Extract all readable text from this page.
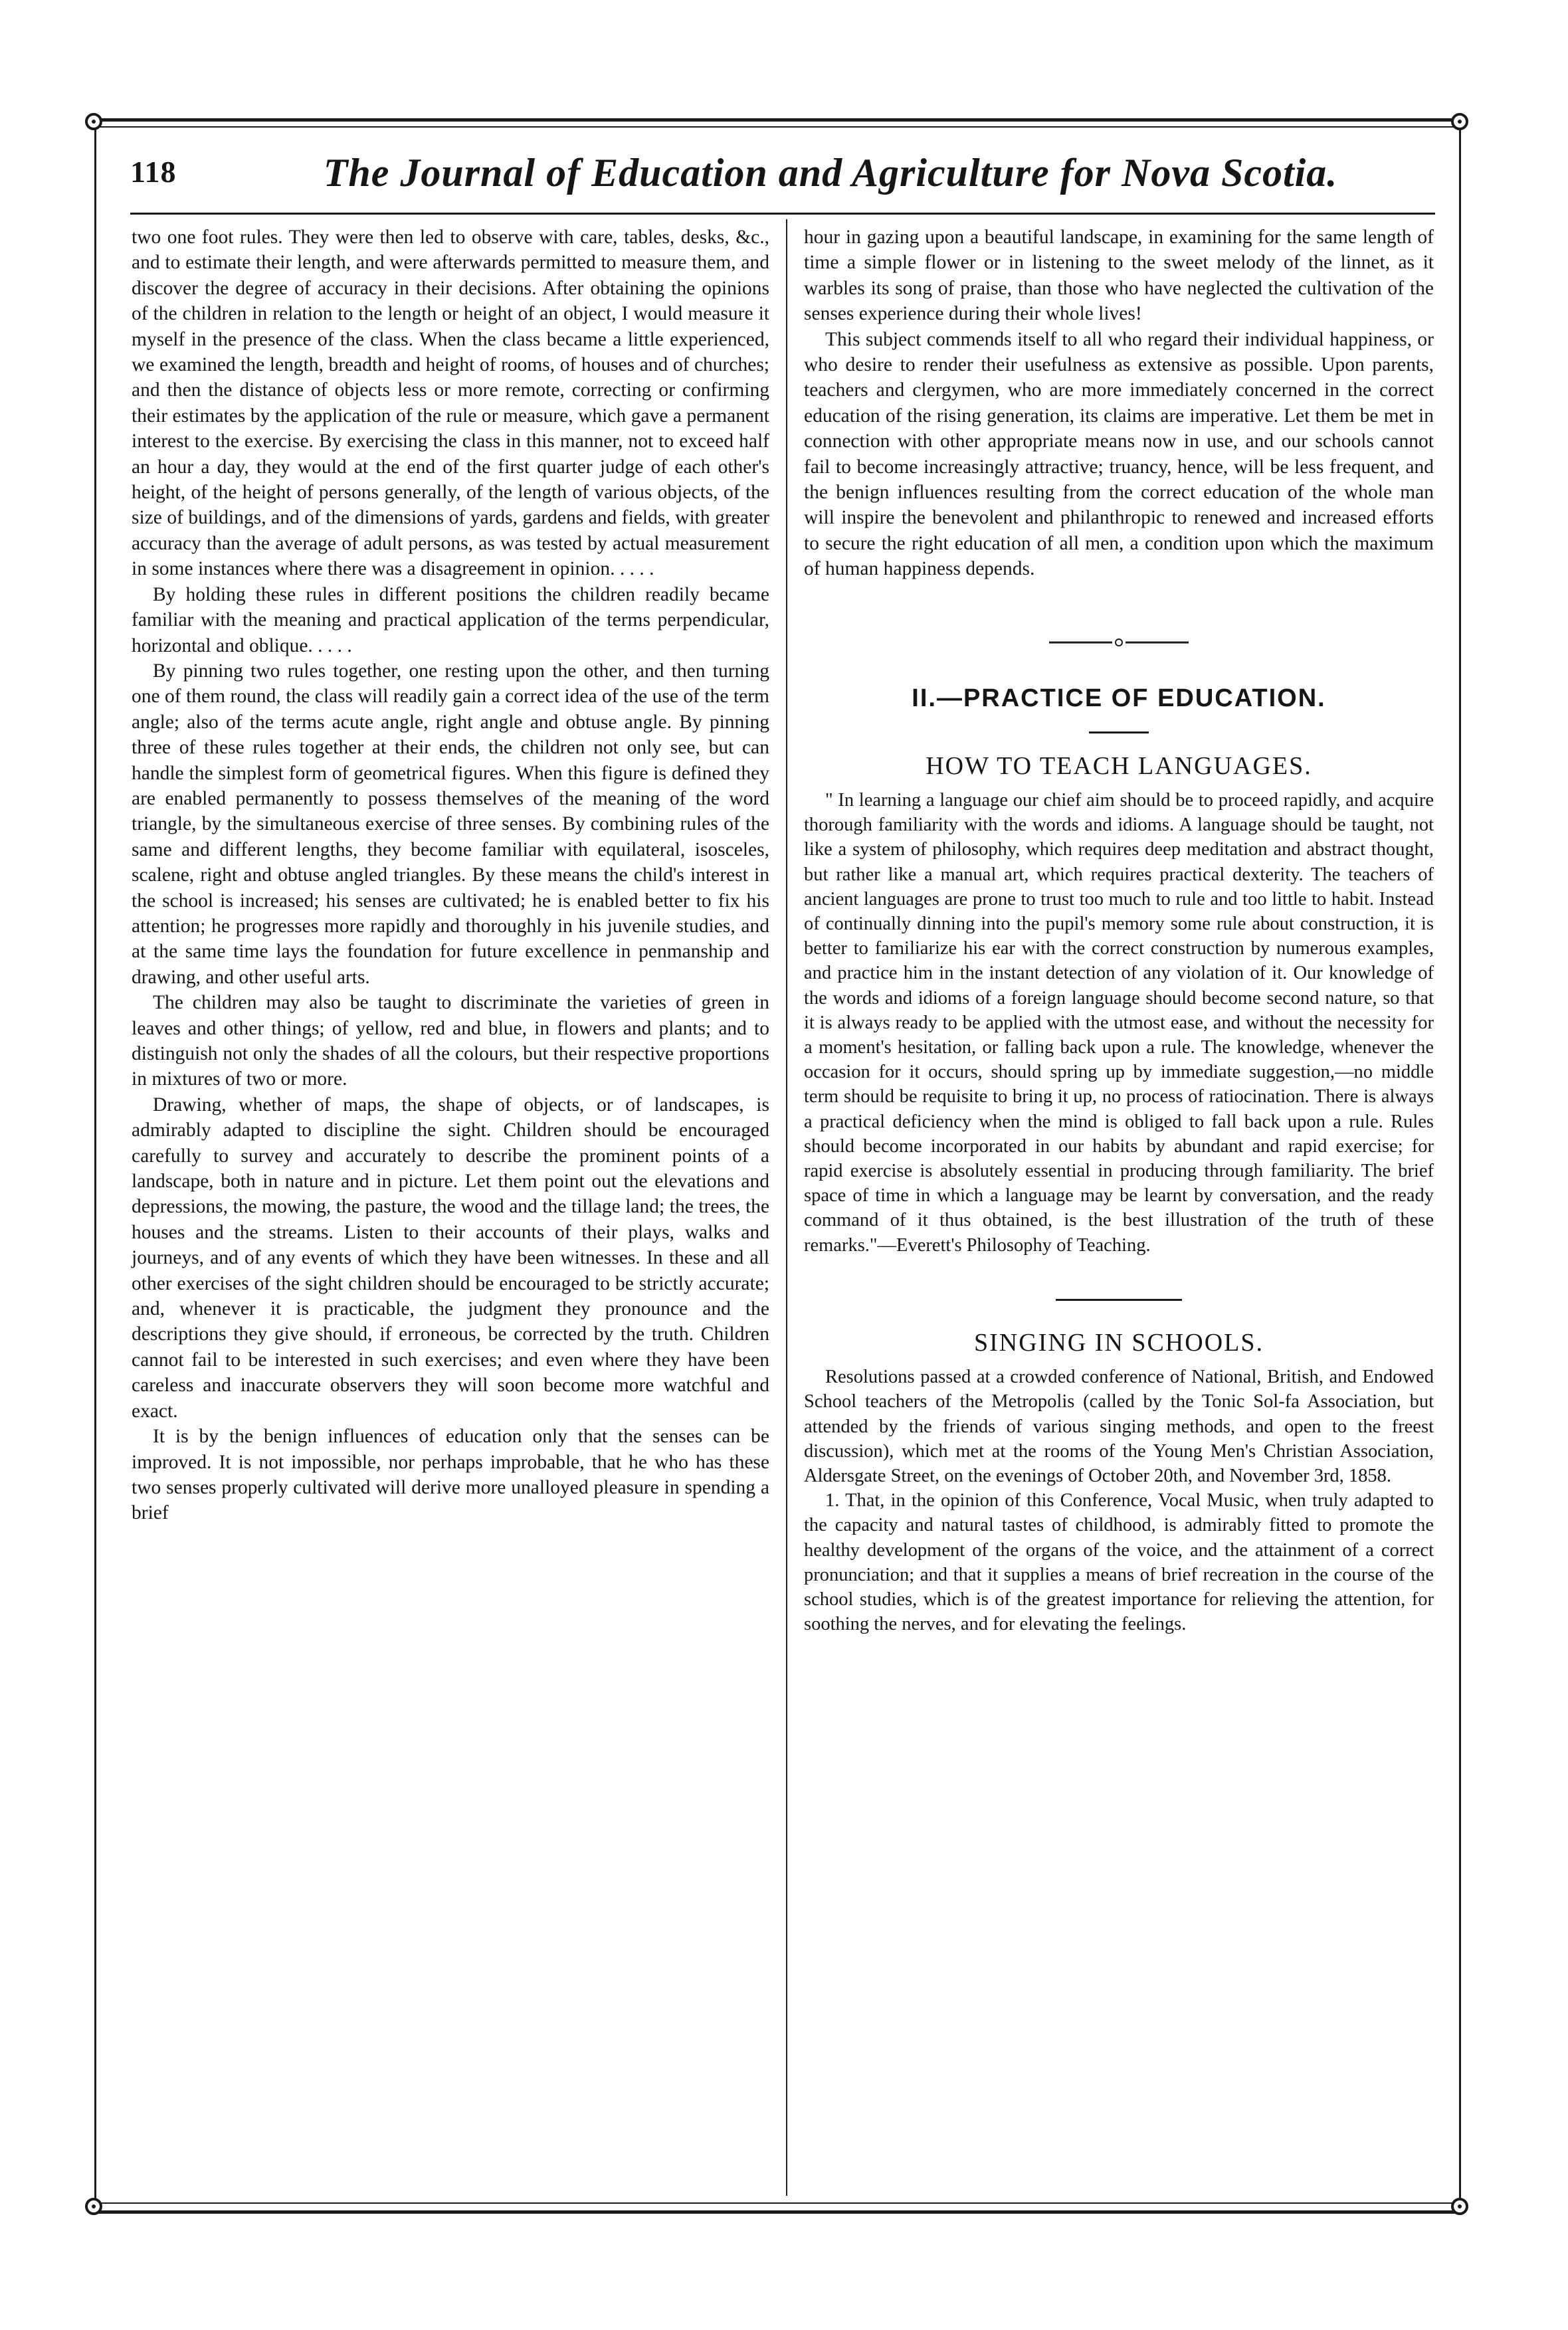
118	The Journal of Education and Agriculture for Nova Scotia.

two one foot rules. They were then led to observe with care, tables, desks, &c., and to estimate their length, and were afterwards permitted to measure them, and discover the degree of accuracy in their decisions. After obtaining the opinions of the children in relation to the length or height of an object, I would measure it myself in the presence of the class. When the class became a little experienced, we examined the length, breadth and height of rooms, of houses and of churches; and then the distance of objects less or more remote, correcting or confirming their estimates by the application of the rule or measure, which gave a permanent interest to the exercise. By exercising the class in this manner, not to exceed half an hour a day, they would at the end of the first quarter judge of each other's height, of the height of persons generally, of the length of various objects, of the size of buildings, and of the dimensions of yards, gardens and fields, with greater accuracy than the average of adult persons, as was tested by actual measurement in some instances where there was a disagreement in opinion. . . . .

By holding these rules in different positions the children readily became familiar with the meaning and practical application of the terms perpendicular, horizontal and oblique. . . . .

By pinning two rules together, one resting upon the other, and then turning one of them round, the class will readily gain a correct idea of the use of the term angle; also of the terms acute angle, right angle and obtuse angle. By pinning three of these rules together at their ends, the children not only see, but can handle the simplest form of geometrical figures. When this figure is defined they are enabled permanently to possess themselves of the meaning of the word triangle, by the simultaneous exercise of three senses. By combining rules of the same and different lengths, they become familiar with equilateral, isosceles, scalene, right and obtuse angled triangles. By these means the child's interest in the school is increased; his senses are cultivated; he is enabled better to fix his attention; he progresses more rapidly and thoroughly in his juvenile studies, and at the same time lays the foundation for future excellence in penmanship and drawing, and other useful arts.

The children may also be taught to discriminate the varieties of green in leaves and other things; of yellow, red and blue, in flowers and plants; and to distinguish not only the shades of all the colours, but their respective proportions in mixtures of two or more.

Drawing, whether of maps, the shape of objects, or of landscapes, is admirably adapted to discipline the sight. Children should be encouraged carefully to survey and accurately to describe the prominent points of a landscape, both in nature and in picture. Let them point out the elevations and depressions, the mowing, the pasture, the wood and the tillage land; the trees, the houses and the streams. Listen to their accounts of their plays, walks and journeys, and of any events of which they have been witnesses. In these and all other exercises of the sight children should be encouraged to be strictly accurate; and, whenever it is practicable, the judgment they pronounce and the descriptions they give should, if erroneous, be corrected by the truth. Children cannot fail to be interested in such exercises; and even where they have been careless and inaccurate observers they will soon become more watchful and exact.

It is by the benign influences of education only that the senses can be improved. It is not impossible, nor perhaps improbable, that he who has these two senses properly cultivated will derive more unalloyed pleasure in spending a brief

hour in gazing upon a beautiful landscape, in examining for the same length of time a simple flower or in listening to the sweet melody of the linnet, as it warbles its song of praise, than those who have neglected the cultivation of the senses experience during their whole lives!

This subject commends itself to all who regard their individual happiness, or who desire to render their usefulness as extensive as possible. Upon parents, teachers and clergymen, who are more immediately concerned in the correct education of the rising generation, its claims are imperative. Let them be met in connection with other appropriate means now in use, and our schools cannot fail to become increasingly attractive; truancy, hence, will be less frequent, and the benign influences resulting from the correct education of the whole man will inspire the benevolent and philanthropic to renewed and increased efforts to secure the right education of all men, a condition upon which the maximum of human happiness depends.

II.—PRACTICE OF EDUCATION.
HOW TO TEACH LANGUAGES.

" In learning a language our chief aim should be to proceed rapidly, and acquire thorough familiarity with the words and idioms. A language should be taught, not like a system of philosophy, which requires deep meditation and abstract thought, but rather like a manual art, which requires practical dexterity. The teachers of ancient languages are prone to trust too much to rule and too little to habit. Instead of continually dinning into the pupil's memory some rule about construction, it is better to familiarize his ear with the correct construction by numerous examples, and practice him in the instant detection of any violation of it. Our knowledge of the words and idioms of a foreign language should become second nature, so that it is always ready to be applied with the utmost ease, and without the necessity for a moment's hesitation, or falling back upon a rule. The knowledge, whenever the occasion for it occurs, should spring up by immediate suggestion,—no middle term should be requisite to bring it up, no process of ratiocination. There is always a practical deficiency when the mind is obliged to fall back upon a rule. Rules should become incorporated in our habits by abundant and rapid exercise; for rapid exercise is absolutely essential in producing through familiarity. The brief space of time in which a language may be learnt by conversation, and the ready command of it thus obtained, is the best illustration of the truth of these remarks."—Everett's Philosophy of Teaching.

SINGING IN SCHOOLS.

Resolutions passed at a crowded conference of National, British, and Endowed School teachers of the Metropolis (called by the Tonic Sol-fa Association, but attended by the friends of various singing methods, and open to the freest discussion), which met at the rooms of the Young Men's Christian Association, Aldersgate Street, on the evenings of October 20th, and November 3rd, 1858.

1. That, in the opinion of this Conference, Vocal Music, when truly adapted to the capacity and natural tastes of childhood, is admirably fitted to promote the healthy development of the organs of the voice, and the attainment of a correct pronunciation; and that it supplies a means of brief recreation in the course of the school studies, which is of the greatest importance for relieving the attention, for soothing the nerves, and for elevating the feelings.
